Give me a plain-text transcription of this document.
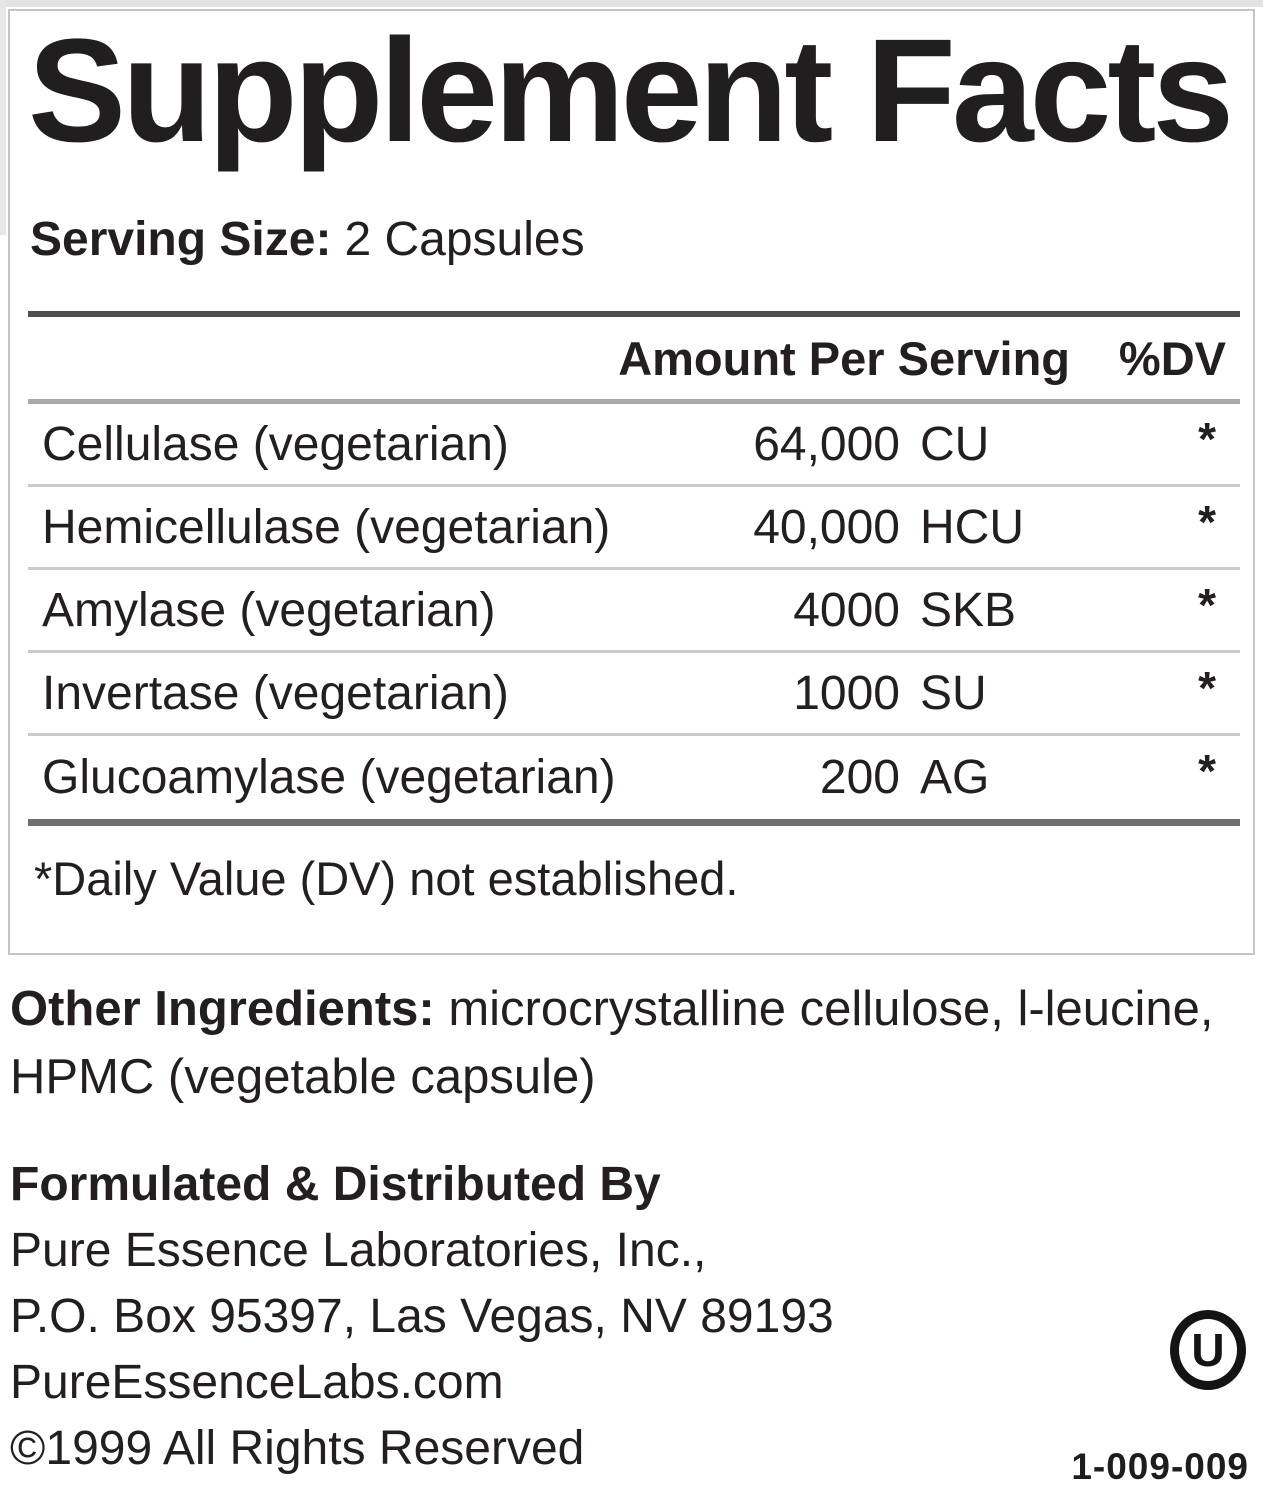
Supplement Facts
Serving Size: 2 Capsules
Amount Per Serving	%DV
Cellulase (vegetarian)	64,000 CU	*
Hemicellulase (vegetarian)	40,000 HCU	*
Amylase (vegetarian)	4000 SKB	*
Invertase (vegetarian)	1000 SU	*
Glucoamylase (vegetarian)	200 AG	*
*Daily Value (DV) not established.
Other Ingredients: microcrystalline cellulose, l-leucine,
HPMC (vegetable capsule)
Formulated & Distributed By
Pure Essence Laboratories, Inc.,
P.O. Box 95397, Las Vegas, NV 89193
PureEssenceLabs.com
©1999 All Rights Reserved
U
1-009-009
